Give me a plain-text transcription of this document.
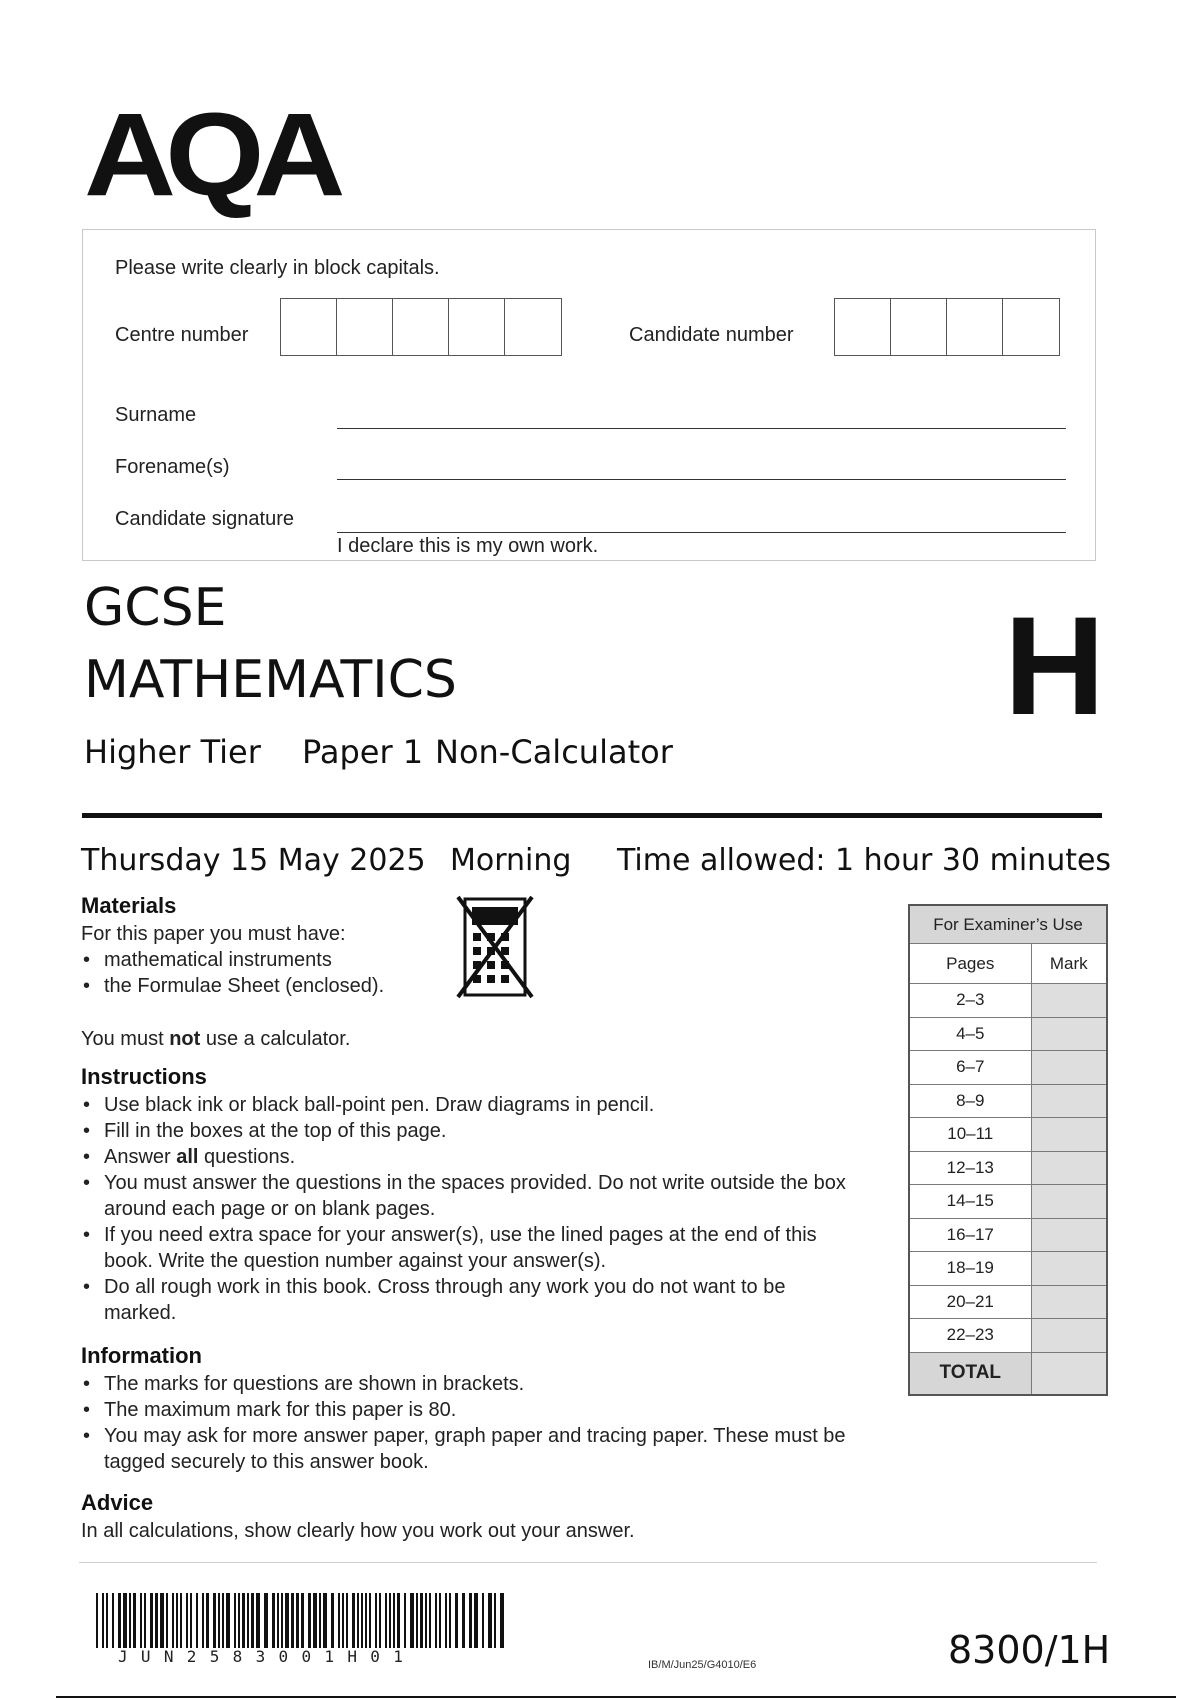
AQA
Please write clearly in block capitals.
Centre number	Candidate number
Surname
Forename(s)
Candidate signature
I declare this is my own work.
GCSE
MATHEMATICS	H
Higher Tier Paper 1 Non-Calculator
Thursday 15 May 2025 Morning Time allowed: 1 hour 30 minutes
Materials

For this paper you must have:

• mathematical instruments
• the Formulae Sheet (enclosed).

You must not use a calculator.

Instructions
• Use black ink or black ball-point pen. Draw diagrams in pencil.
• Fill in the boxes at the top of this page.
• Answer all questions.
• You must answer the questions in the spaces provided. Do not write outside the box around each page or on blank pages.
• If you need extra space for your answer(s), use the lined pages at the end of this book. Write the question number against your answer(s).
• Do all rough work in this book. Cross through any work you do not want to be marked.
Information
• The marks for questions are shown in brackets.
• The maximum mark for this paper is 80.
• You may ask for more answer paper, graph paper and tracing paper. These must be tagged securely to this answer book.
Advice

In all calculations, show clearly how you work out your answer.

For Examiner’s Use	
Pages	Mark
2–3	
4–5	
6–7	
8–9	
10–11	
12–13	
14–15	
16–17	
18–19	
20–21	
22–23	
TOTAL	
JUN2583001H01	IB/M/Jun25/G4010/E6	8300/1H
